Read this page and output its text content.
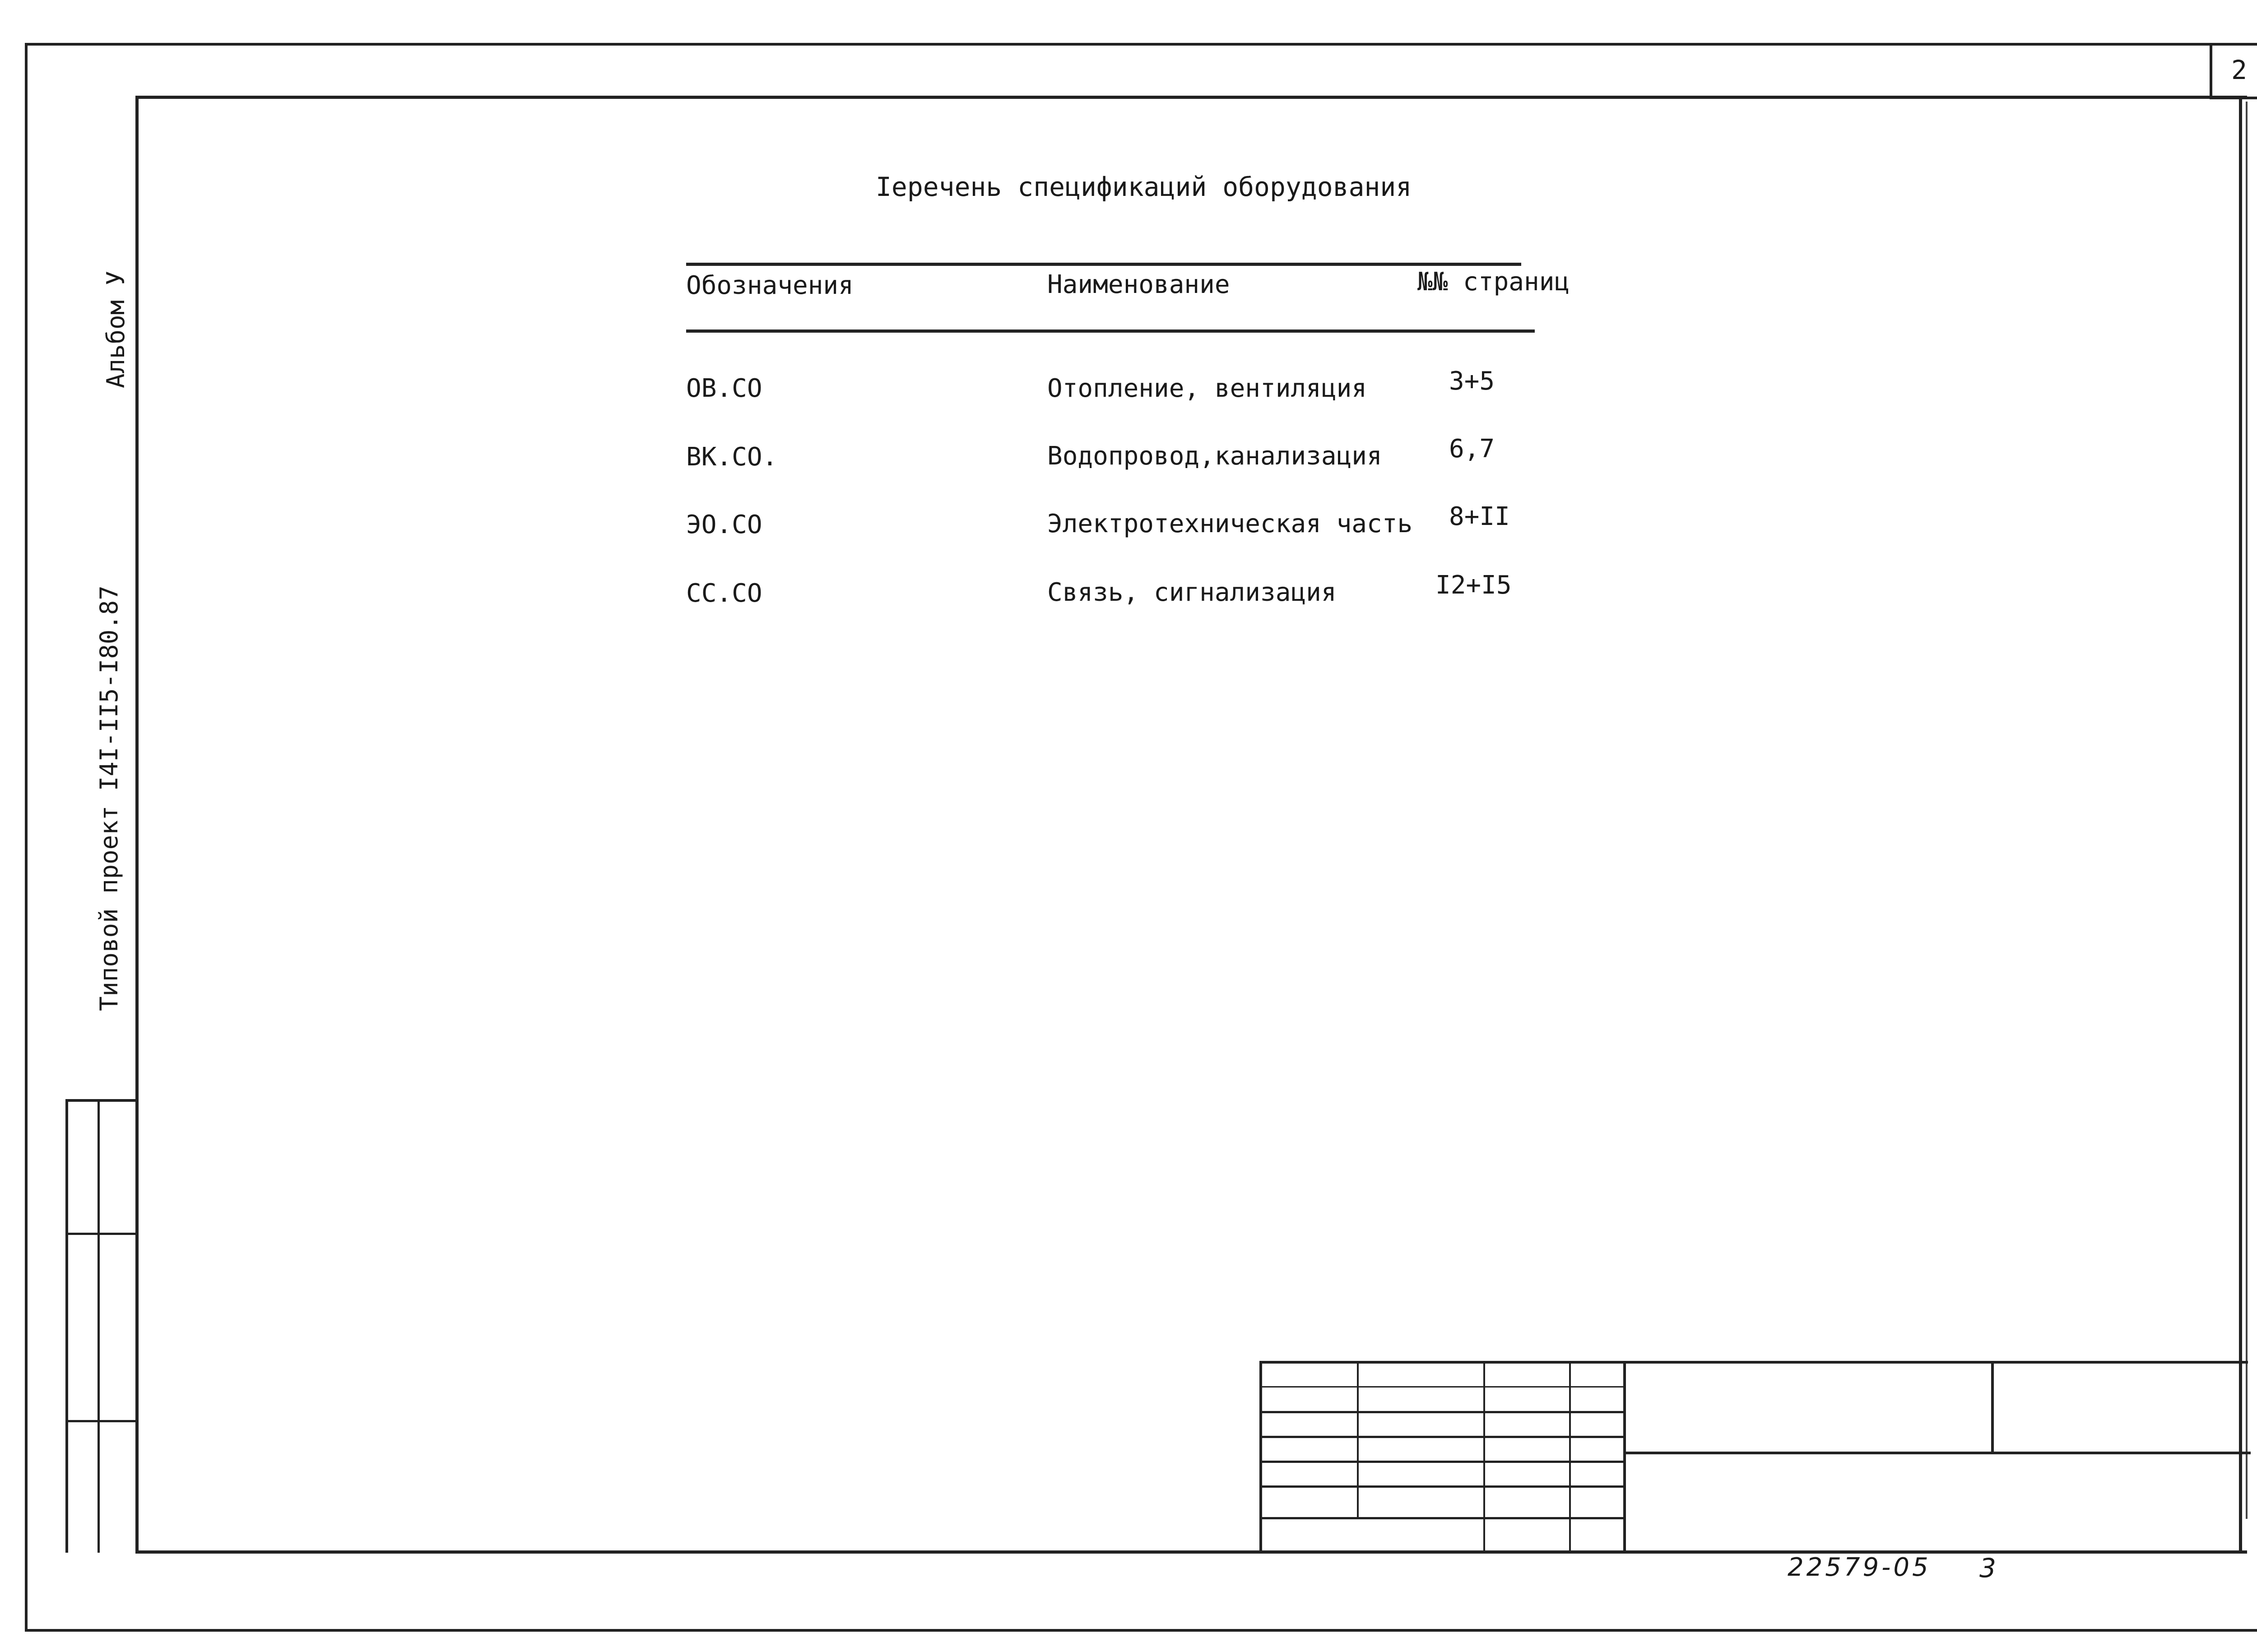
2
Альбом У
Типовой проект I4I-II5-I80.87
Iеречень спецификаций оборудования
Обозначения	Наименование	№№ страниц
ОВ.СО	Отопление, вентиляция	3+5
ВК.СО.	Водопровод,канализация	6,7
ЭО.СО	Электротехническая часть 8+II
СС.СО	Связь, сигнализация	I2+I5
22579-05 3
